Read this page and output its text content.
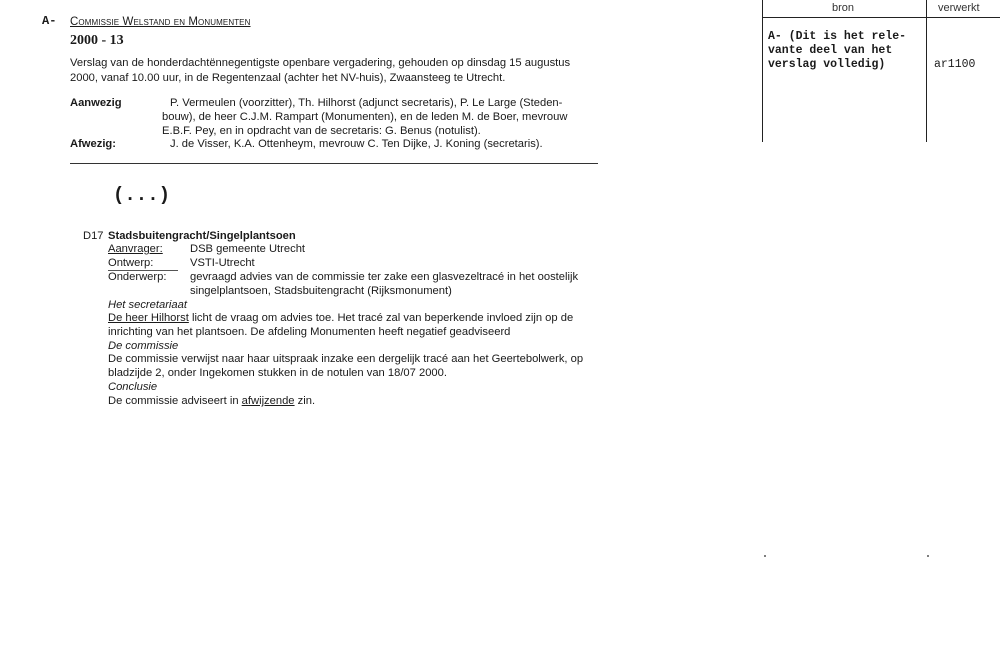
A- Commissie Welstand en Monumenten
2000 - 13
Verslag van de honderdachtënnegentigste openbare vergadering, gehouden op dinsdag 15 augustus
2000, vanaf 10.00 uur, in de Regentenzaal (achter het NV-huis), Zwaansteeg te Utrecht.
Aanwezig	P. Vermeulen (voorzitter), Th. Hilhorst (adjunct secretaris), P. Le Large (Steden-
bouw), de heer C.J.M. Rampart (Monumenten), en de leden M. de Boer, mevrouw
E.B.F. Pey, en in opdracht van de secretaris: G. Benus (notulist).
Afwezig:	J. de Visser, K.A. Ottenheym, mevrouw C. Ten Dijke, J. Koning (secretaris).
(...)
D17 Stadsbuitengracht/Singelplantsoen
Aanvrager: DSB gemeente Utrecht
Ontwerp:	VSTI-Utrecht
Onderwerp: gevraagd advies van de commissie ter zake een glasvezeltracé in het oostelijk
singelplantsoen, Stadsbuitengracht (Rijksmonument)
Het secretariaat
De heer Hilhorst licht de vraag om advies toe. Het tracé zal van beperkende invloed zijn op de
inrichting van het plantsoen. De afdeling Monumenten heeft negatief geadviseerd
De commissie
De commissie verwijst naar haar uitspraak inzake een dergelijk tracé aan het Geertebolwerk, op
bladzijde 2, onder Ingekomen stukken in de notulen van 18/07 2000.
Conclusie
De commissie adviseert in afwijzende zin.
bron	verwerkt
A- (Dit is het rele-
vante deel van het
verslag volledig)	ar1100
